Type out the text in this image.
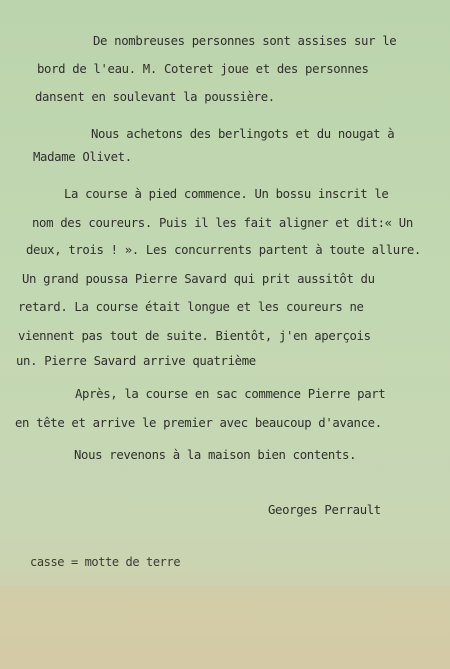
De nombreuses personnes sont assises sur le
bord de l'eau. M. Coteret joue et des personnes
dansent en soulevant la poussière.
Nous achetons des berlingots et du nougat à
Madame Olivet.
La course à pied commence. Un bossu inscrit le
nom des coureurs. Puis il les fait aligner et dit:« Un
deux, trois ! ». Les concurrents partent à toute allure.
Un grand poussa Pierre Savard qui prit aussitôt du
retard. La course était longue et les coureurs ne
viennent pas tout de suite. Bientôt, j'en aperçois
un. Pierre Savard arrive quatrième
Après, la course en sac commence Pierre part
en tête et arrive le premier avec beaucoup d'avance.
Nous revenons à la maison bien contents.
Georges Perrault
casse = motte de terre
